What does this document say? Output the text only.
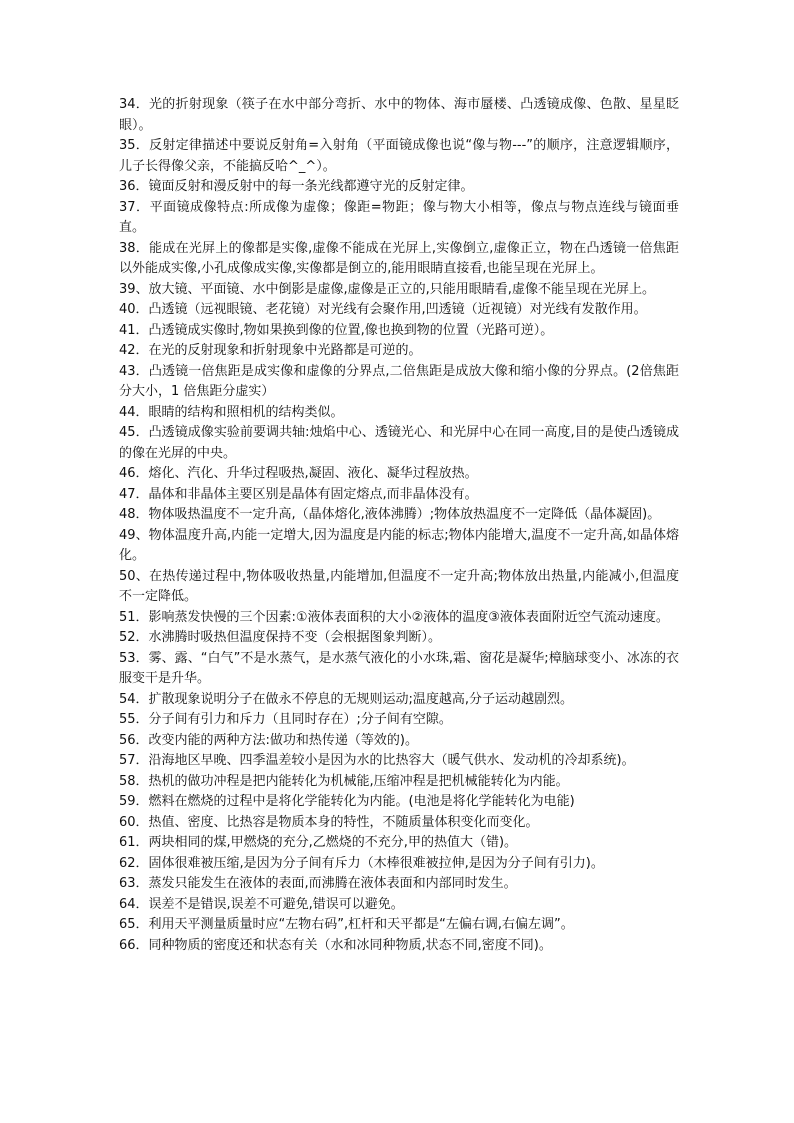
34．光的折射现象（筷子在水中部分弯折、水中的物体、海市蜃楼、凸透镜成像、色散、星星眨眼）。

35．反射定律描述中要说反射角=入射角（平面镜成像也说“像与物---”的顺序，注意逻辑顺序，儿子长得像父亲，不能搞反哈^_^）。

36．镜面反射和漫反射中的每一条光线都遵守光的反射定律。

37．平面镜成像特点:所成像为虚像；像距=物距；像与物大小相等，像点与物点连线与镜面垂直。

38．能成在光屏上的像都是实像,虚像不能成在光屏上,实像倒立,虚像正立，物在凸透镜一倍焦距以外能成实像,小孔成像成实像,实像都是倒立的,能用眼睛直接看,也能呈现在光屏上。

39、放大镜、平面镜、水中倒影是虚像,虚像是正立的,只能用眼睛看,虚像不能呈现在光屏上。

40．凸透镜（远视眼镜、老花镜）对光线有会聚作用,凹透镜（近视镜）对光线有发散作用。

41．凸透镜成实像时,物如果换到像的位置,像也换到物的位置（光路可逆）。

42．在光的反射现象和折射现象中光路都是可逆的。

43．凸透镜一倍焦距是成实像和虚像的分界点,二倍焦距是成放大像和缩小像的分界点。(2倍焦距分大小，1 倍焦距分虚实）

44．眼睛的结构和照相机的结构类似。

45．凸透镜成像实验前要调共轴:烛焰中心、透镜光心、和光屏中心在同一高度,目的是使凸透镜成的像在光屏的中央。

46．熔化、汽化、升华过程吸热,凝固、液化、凝华过程放热。

47．晶体和非晶体主要区别是晶体有固定熔点,而非晶体没有。

48．物体吸热温度不一定升高,（晶体熔化,液体沸腾）;物体放热温度不一定降低（晶体凝固)。

49、物体温度升高,内能一定增大,因为温度是内能的标志;物体内能增大,温度不一定升高,如晶体熔化。

50、在热传递过程中,物体吸收热量,内能增加,但温度不一定升高;物体放出热量,内能减小,但温度不一定降低。

51．影响蒸发快慢的三个因素:①液体表面积的大小②液体的温度③液体表面附近空气流动速度。

52．水沸腾时吸热但温度保持不变（会根据图象判断）。

53．雾、露、“白气”不是水蒸气，是水蒸气液化的小水珠,霜、窗花是凝华;樟脑球变小、冰冻的衣服变干是升华。

54．扩散现象说明分子在做永不停息的无规则运动;温度越高,分子运动越剧烈。

55．分子间有引力和斥力（且同时存在）;分子间有空隙。

56．改变内能的两种方法:做功和热传递（等效的)。

57．沿海地区早晚、四季温差较小是因为水的比热容大（暖气供水、发动机的冷却系统)。

58．热机的做功冲程是把内能转化为机械能,压缩冲程是把机械能转化为内能。

59．燃料在燃烧的过程中是将化学能转化为内能。(电池是将化学能转化为电能)

60．热值、密度、比热容是物质本身的特性，不随质量体积变化而变化。

61．两块相同的煤,甲燃烧的充分,乙燃烧的不充分,甲的热值大（错)。

62．固体很难被压缩,是因为分子间有斥力（木棒很难被拉伸,是因为分子间有引力)。

63．蒸发只能发生在液体的表面,而沸腾在液体表面和内部同时发生。

64．误差不是错误,误差不可避免,错误可以避免。

65．利用天平测量质量时应“左物右码”,杠杆和天平都是“左偏右调,右偏左调”。

66．同种物质的密度还和状态有关（水和冰同种物质,状态不同,密度不同)。
